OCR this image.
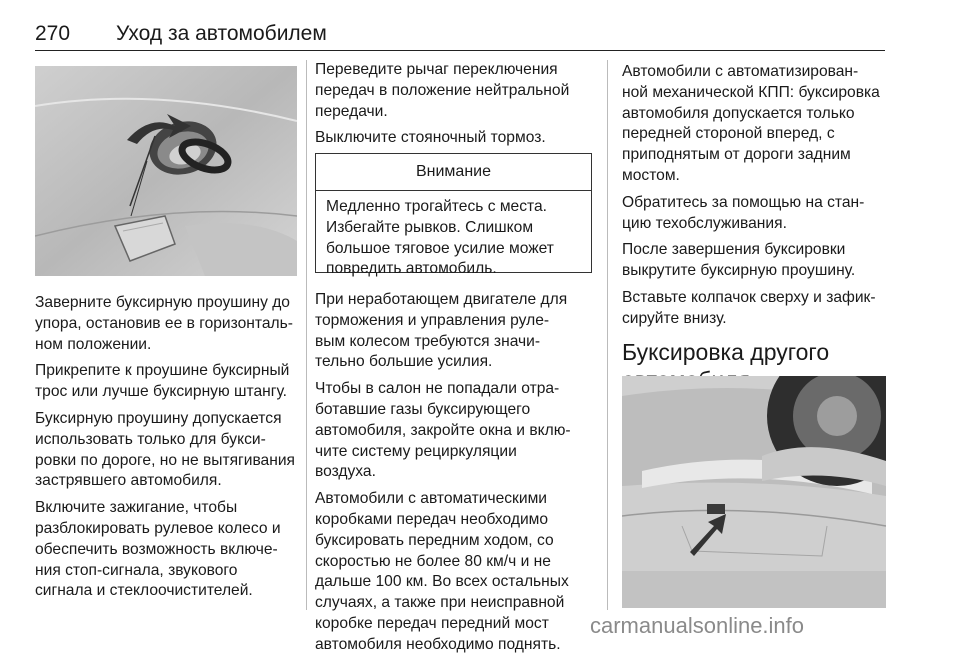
270 Уход за автомобилем

Заверните буксирную проушину до
упора, остановив ее в горизонталь-
ном положении.

Прикрепите к проушине буксирный
трос или лучше буксирную штангу.

Буксирную проушину допускается
использовать только для букси-
ровки по дороге, но не вытягивания
застрявшего автомобиля.

Включите зажигание, чтобы
разблокировать рулевое колесо и
обеспечить возможность включе-
ния стоп-сигнала, звукового
сигнала и стеклоочистителей.

Переведите рычаг переключения
передач в положение нейтральной
передачи.

Выключите стояночный тормоз.

Внимание
Медленно трогайтесь с места.
Избегайте рывков. Слишком
большое тяговое усилие может
повредить автомобиль.

При неработающем двигателе для
торможения и управления руле-
вым колесом требуются значи-
тельно большие усилия.

Чтобы в салон не попадали отра-
ботавшие газы буксирующего
автомобиля, закройте окна и вклю-
чите систему рециркуляции
воздуха.

Автомобили с автоматическими
коробками передач необходимо
буксировать передним ходом, со
скоростью не более 80 км/ч и не
дальше 100 км. Во всех остальных
случаях, а также при неисправной
коробке передач передний мост
автомобиля необходимо поднять.

Автомобили с автоматизирован-
ной механической КПП: буксировка
автомобиля допускается только
передней стороной вперед, с
приподнятым от дороги задним
мостом.

Обратитесь за помощью на стан-
цию техобслуживания.

После завершения буксировки
выкрутите буксирную проушину.

Вставьте колпачок сверху и зафик-
сируйте внизу.

Буксировка другого
carmanualsonline.info
